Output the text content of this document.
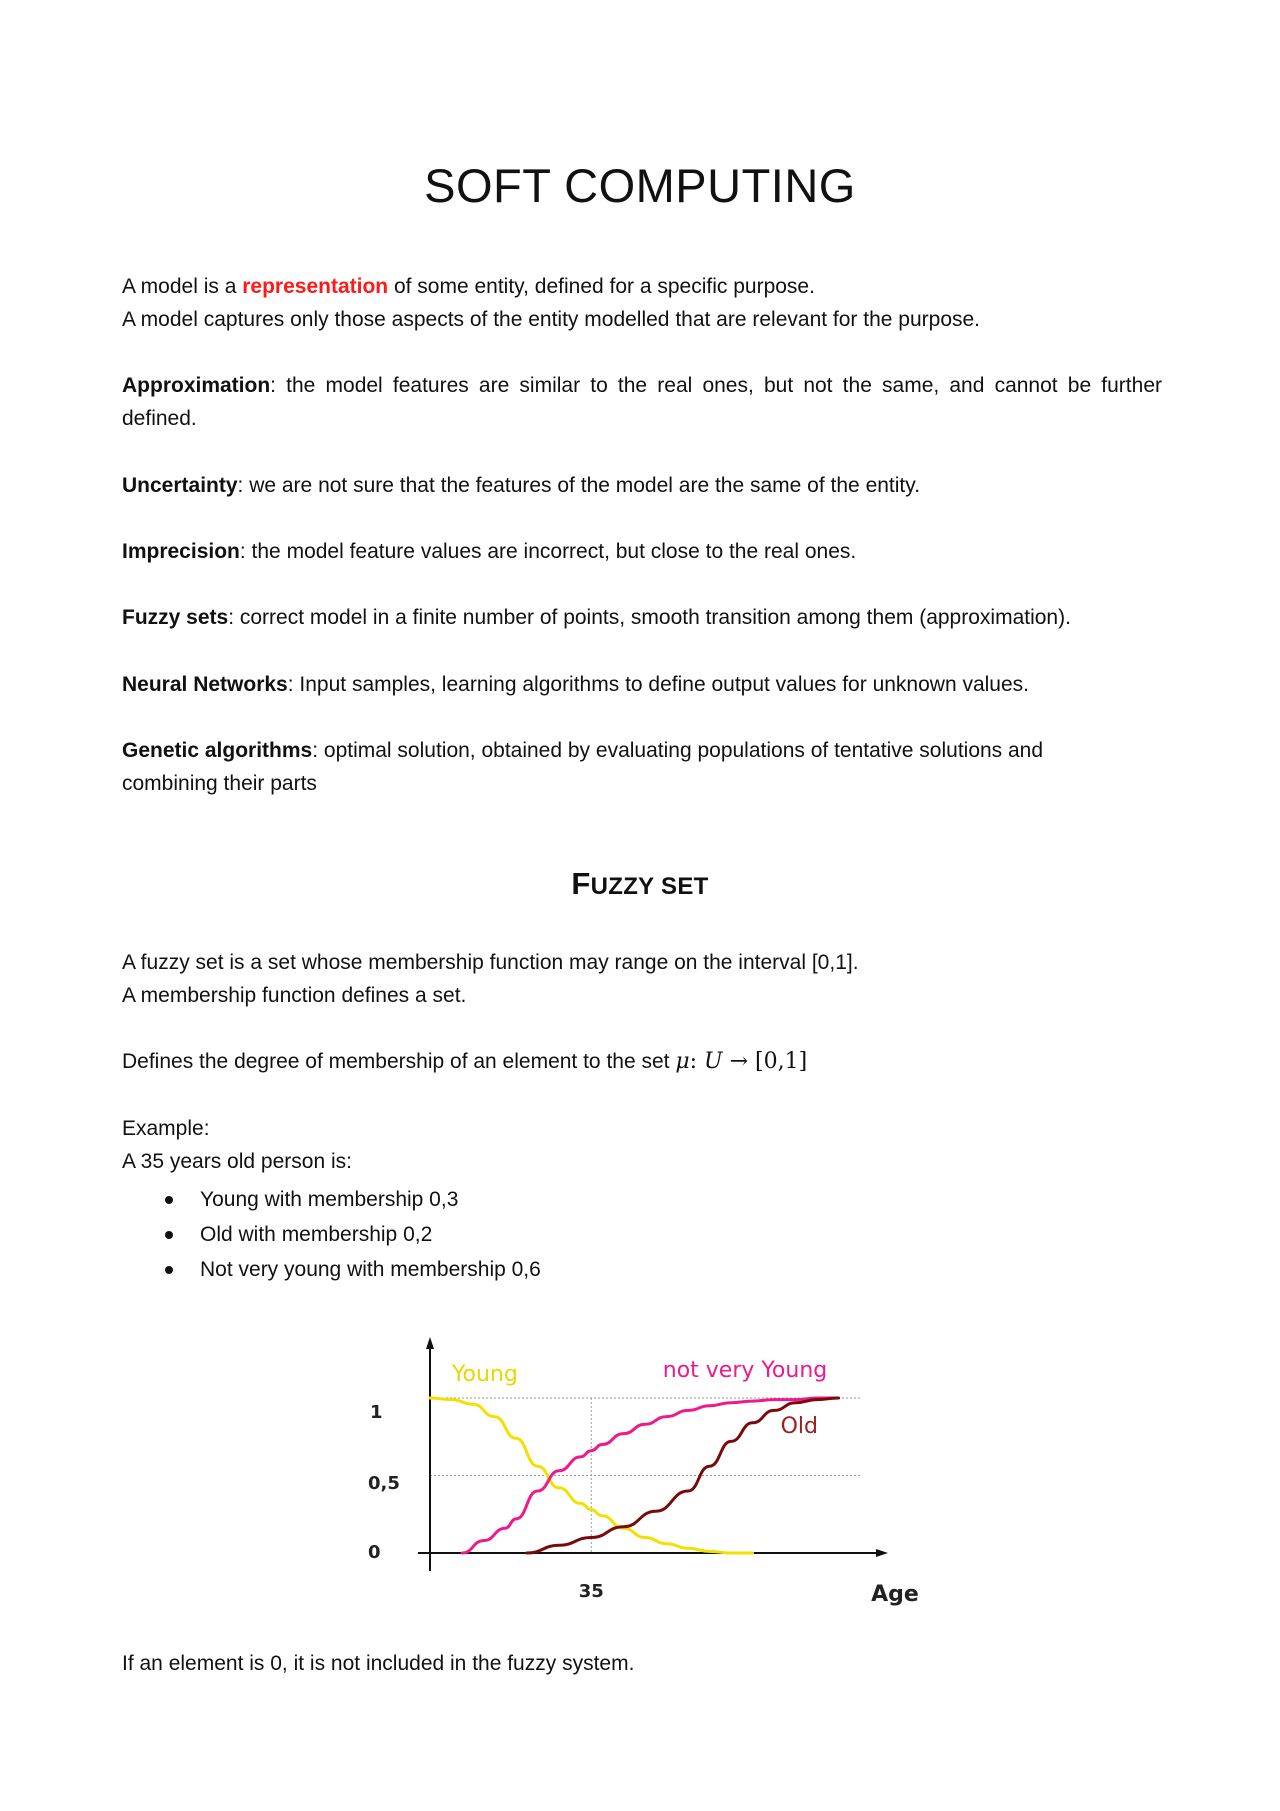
SOFT COMPUTING
A model is a representation of some entity, defined for a specific purpose.
A model captures only those aspects of the entity modelled that are relevant for the purpose.
Approximation: the model features are similar to the real ones, but not the same, and cannot be further defined.
Uncertainty: we are not sure that the features of the model are the same of the entity.
Imprecision: the model feature values are incorrect, but close to the real ones.
Fuzzy sets: correct model in a finite number of points, smooth transition among them (approximation).
Neural Networks: Input samples, learning algorithms to define output values for unknown values.
Genetic algorithms: optimal solution, obtained by evaluating populations of tentative solutions and combining their parts
FUZZY SET
A fuzzy set is a set whose membership function may range on the interval [0,1].
A membership function defines a set.
Defines the degree of membership of an element to the set μ: U → [0,1]
Example:
A 35 years old person is:
Young with membership 0,3
Old with membership 0,2
Not very young with membership 0,6
Young	not very Young
Old
1
0,5
0
35	Age
If an element is 0, it is not included in the fuzzy system.
